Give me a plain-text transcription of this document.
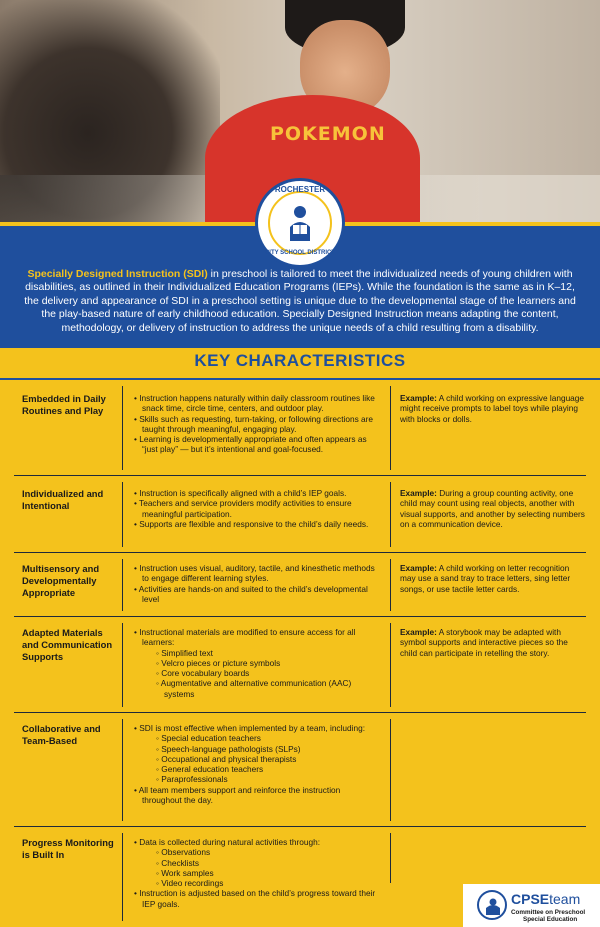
POKEMON
ROCHESTER
CITY SCHOOL DISTRICT

Specially Designed Instruction (SDI) in preschool is tailored to meet the individualized needs of young children with disabilities, as outlined in their Individualized Education Programs (IEPs). While the foundation is the same as in K–12, the delivery and appearance of SDI in a preschool setting is unique due to the developmental stage of the learners and the play-based nature of early childhood education. Specially Designed Instruction means adapting the content, methodology, or delivery of instruction to address the unique needs of a child resulting from a disability.

KEY CHARACTERISTICS
Embedded in Daily Routines and Play
• Instruction happens naturally within daily classroom routines like snack time, circle time, centers, and outdoor play.
• Skills such as requesting, turn-taking, or following directions are taught through meaningful, engaging play.
• Learning is developmentally appropriate and often appears as “just play” — but it’s intentional and goal-focused.
Example: A child working on expressive language might receive prompts to label toys while playing with blocks or dolls.
Individualized and Intentional
• Instruction is specifically aligned with a child’s IEP goals.
• Teachers and service providers modify activities to ensure meaningful participation.
• Supports are flexible and responsive to the child’s daily needs.
Example: During a group counting activity, one child may count using real objects, another with visual supports, and another by selecting numbers on a communication device.
Multisensory and Developmentally Appropriate
• Instruction uses visual, auditory, tactile, and kinesthetic methods to engage different learning styles.
• Activities are hands-on and suited to the child’s developmental level
Example: A child working on letter recognition may use a sand tray to trace letters, sing letter songs, or use tactile letter cards.
Adapted Materials and Communication Supports
• Instructional materials are modified to ensure access for all learners:
◦ Simplified text
◦ Velcro pieces or picture symbols
◦ Core vocabulary boards
◦ Augmentative and alternative communication (AAC) systems
Example: A storybook may be adapted with symbol supports and interactive pieces so the child can participate in retelling the story.
Collaborative and Team-Based
• SDI is most effective when implemented by a team, including:
◦ Special education teachers
◦ Speech-language pathologists (SLPs)
◦ Occupational and physical therapists
◦ General education teachers
◦ Paraprofessionals
• All team members support and reinforce the instruction throughout the day.
Progress Monitoring is Built In
• Data is collected during natural activities through:
◦ Observations
◦ Checklists
◦ Work samples
◦ Video recordings
• Instruction is adjusted based on the child’s progress toward their IEP goals.	CPSEteam
Committee on Preschool
Special Education
